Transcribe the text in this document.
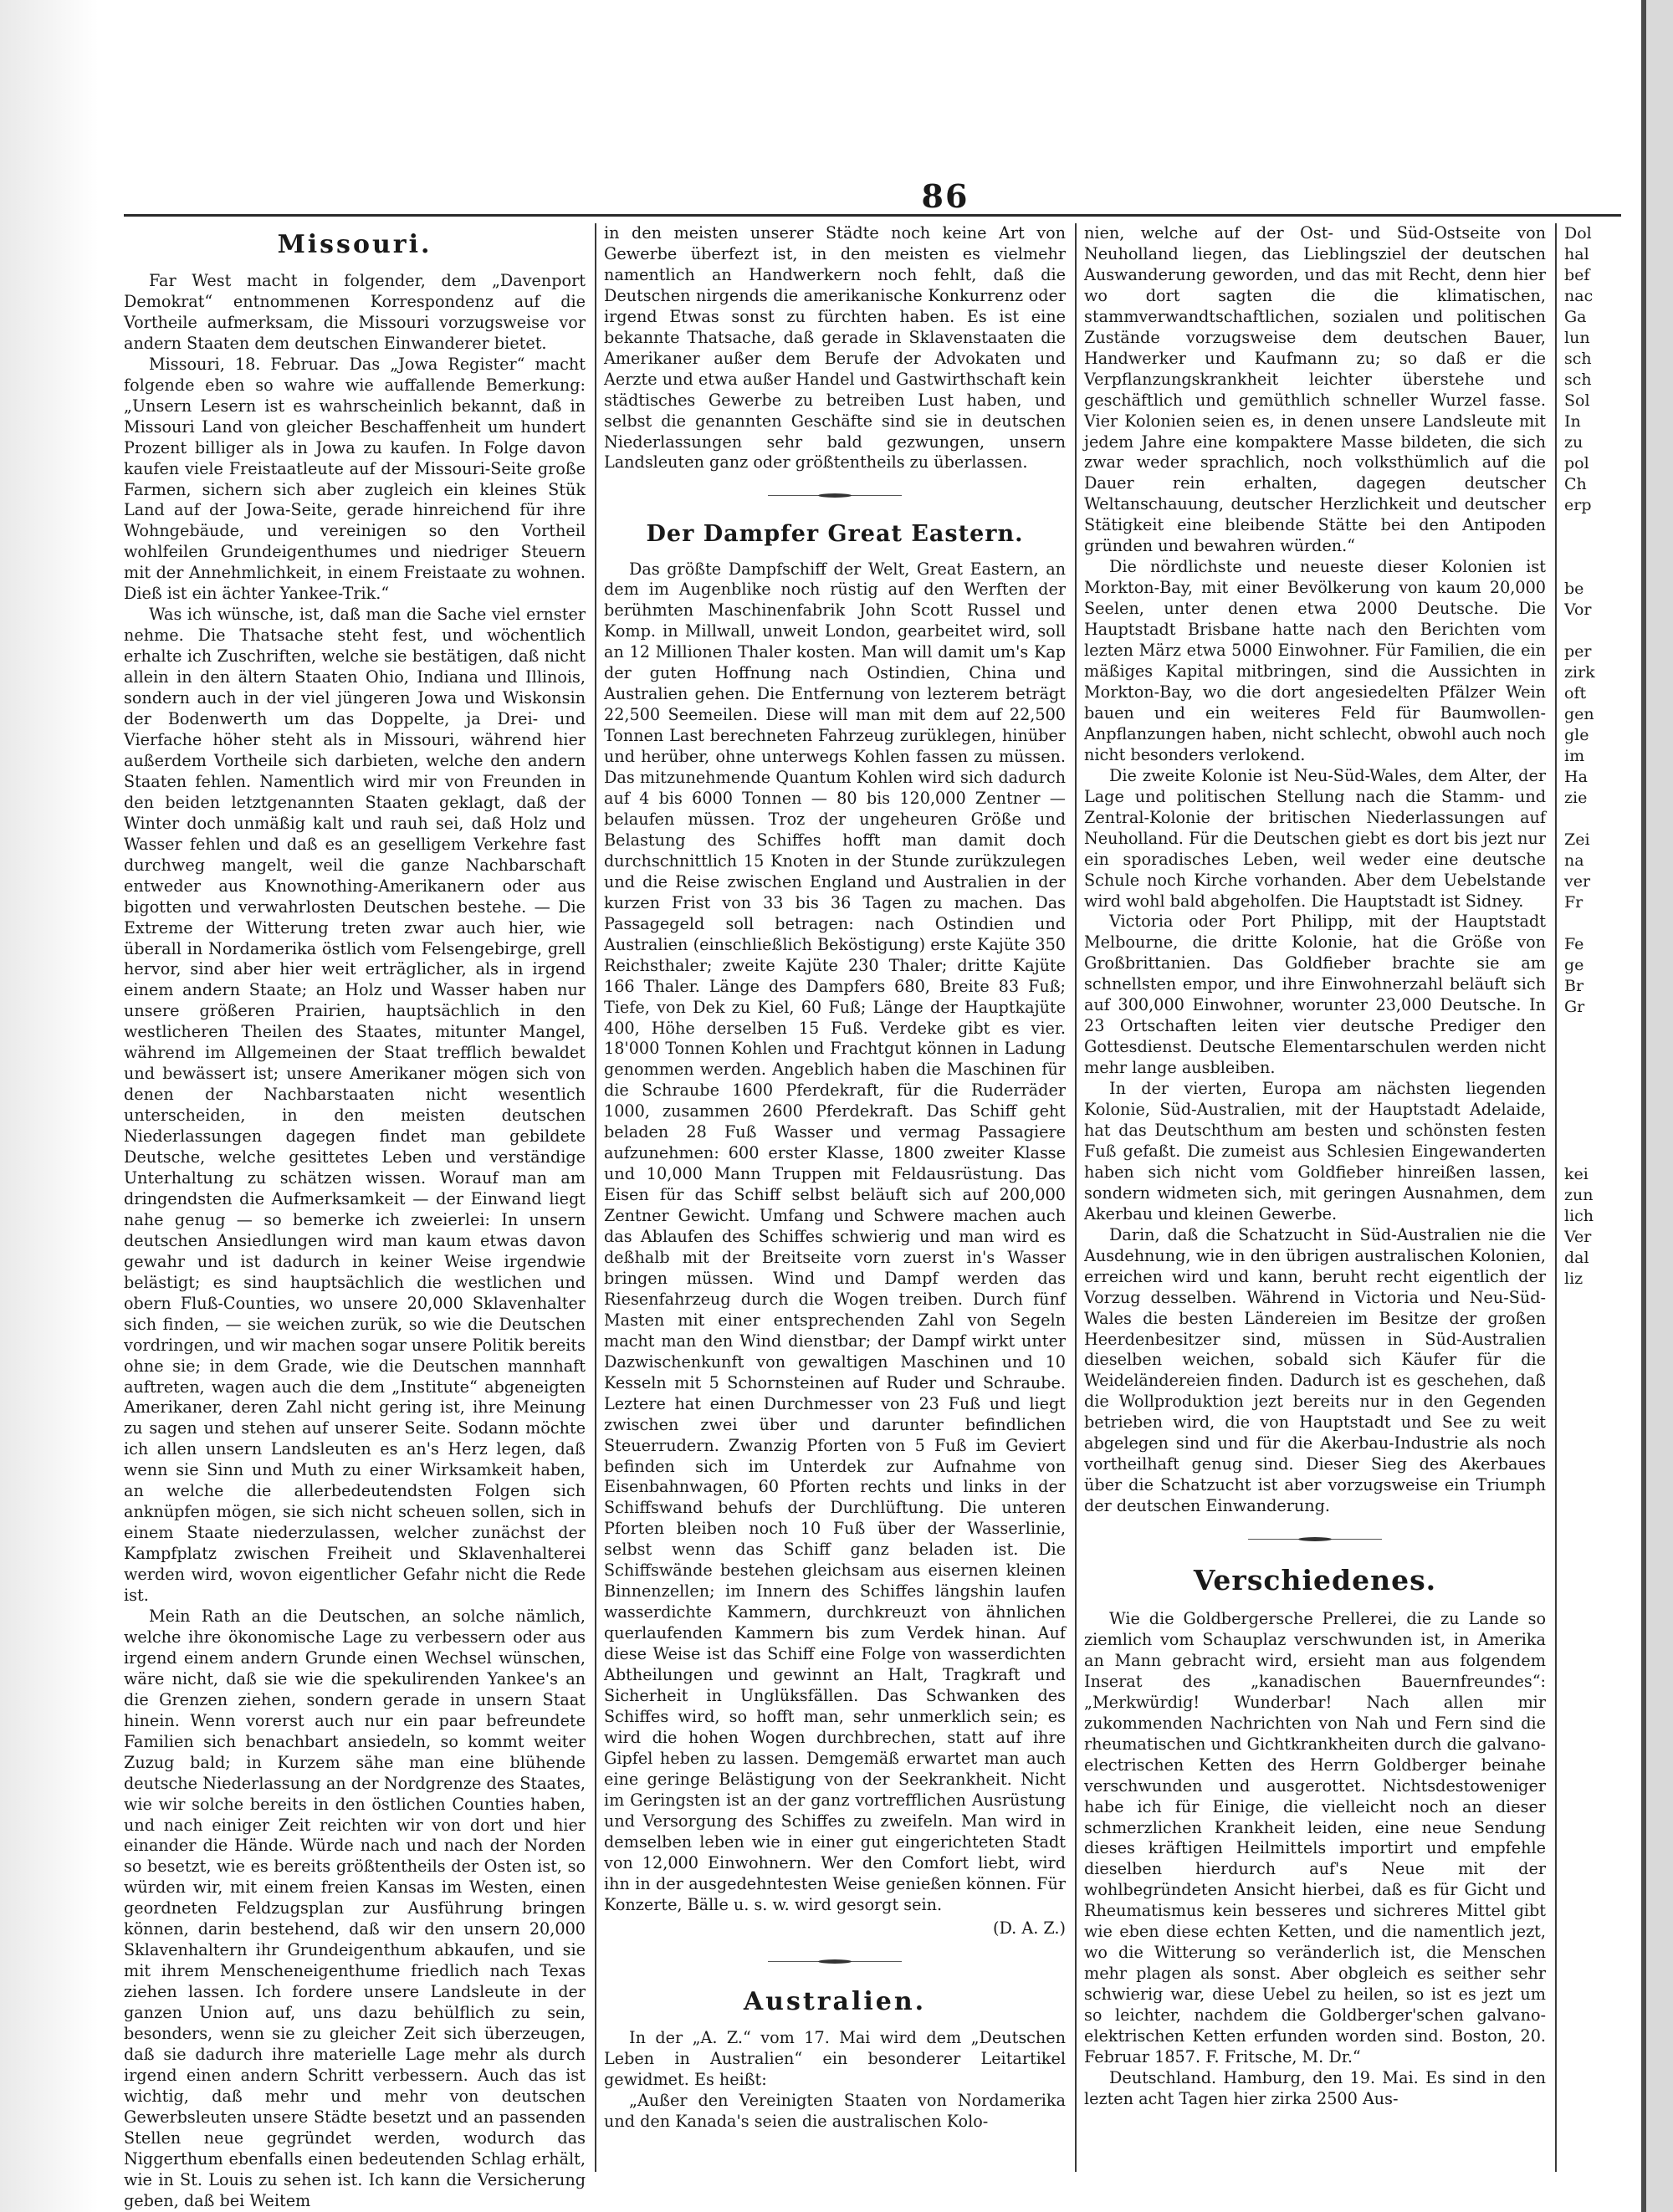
86
Missouri.

Far West macht in folgender, dem „Davenport Demokrat“ entnommenen Korrespondenz auf die Vortheile aufmerksam, die Missouri vorzugsweise vor andern Staaten dem deutschen Einwanderer bietet.

Missouri, 18. Februar. Das „Jowa Register“ macht folgende eben so wahre wie auffallende Bemerkung: „Unsern Lesern ist es wahrscheinlich bekannt, daß in Missouri Land von gleicher Beschaffenheit um hundert Prozent billiger als in Jowa zu kaufen. In Folge davon kaufen viele Freistaatleute auf der Missouri-Seite große Farmen, sichern sich aber zugleich ein kleines Stük Land auf der Jowa-Seite, gerade hinreichend für ihre Wohngebäude, und vereinigen so den Vortheil wohlfeilen Grundeigenthumes und niedriger Steuern mit der Annehmlichkeit, in einem Freistaate zu wohnen. Dieß ist ein ächter Yankee-Trik.“

Was ich wünsche, ist, daß man die Sache viel ernster nehme. Die Thatsache steht fest, und wöchentlich erhalte ich Zuschriften, welche sie bestätigen, daß nicht allein in den ältern Staaten Ohio, Indiana und Illinois, sondern auch in der viel jüngeren Jowa und Wiskonsin der Bodenwerth um das Doppelte, ja Drei- und Vierfache höher steht als in Missouri, während hier außerdem Vortheile sich darbieten, welche den andern Staaten fehlen. Namentlich wird mir von Freunden in den beiden letztgenannten Staaten geklagt, daß der Winter doch unmäßig kalt und rauh sei, daß Holz und Wasser fehlen und daß es an geselligem Verkehre fast durchweg mangelt, weil die ganze Nachbarschaft entweder aus Knownothing-Amerikanern oder aus bigotten und verwahrlosten Deutschen bestehe. — Die Extreme der Witterung treten zwar auch hier, wie überall in Nordamerika östlich vom Felsengebirge, grell hervor, sind aber hier weit erträglicher, als in irgend einem andern Staate; an Holz und Wasser haben nur unsere größeren Prairien, hauptsächlich in den westlicheren Theilen des Staates, mitunter Mangel, während im Allgemeinen der Staat trefflich bewaldet und bewässert ist; unsere Amerikaner mögen sich von denen der Nachbarstaaten nicht wesentlich unterscheiden, in den meisten deutschen Niederlassungen dagegen findet man gebildete Deutsche, welche gesittetes Leben und verständige Unterhaltung zu schätzen wissen. Worauf man am dringendsten die Aufmerksamkeit — der Einwand liegt nahe genug — so bemerke ich zweierlei: In unsern deutschen Ansiedlungen wird man kaum etwas davon gewahr und ist dadurch in keiner Weise irgendwie belästigt; es sind hauptsächlich die westlichen und obern Fluß-Counties, wo unsere 20,000 Sklavenhalter sich finden, — sie weichen zurük, so wie die Deutschen vordringen, und wir machen sogar unsere Politik bereits ohne sie; in dem Grade, wie die Deutschen mannhaft auftreten, wagen auch die dem „Institute“ abgeneigten Amerikaner, deren Zahl nicht gering ist, ihre Meinung zu sagen und stehen auf unserer Seite. Sodann möchte ich allen unsern Landsleuten es an's Herz legen, daß wenn sie Sinn und Muth zu einer Wirksamkeit haben, an welche die allerbedeutendsten Folgen sich anknüpfen mögen, sie sich nicht scheuen sollen, sich in einem Staate niederzulassen, welcher zunächst der Kampfplatz zwischen Freiheit und Sklavenhalterei werden wird, wovon eigentlicher Gefahr nicht die Rede ist.

Mein Rath an die Deutschen, an solche nämlich, welche ihre ökonomische Lage zu verbessern oder aus irgend einem andern Grunde einen Wechsel wünschen, wäre nicht, daß sie wie die spekulirenden Yankee's an die Grenzen ziehen, sondern gerade in unsern Staat hinein. Wenn vorerst auch nur ein paar befreundete Familien sich benachbart ansiedeln, so kommt weiter Zuzug bald; in Kurzem sähe man eine blühende deutsche Niederlassung an der Nordgrenze des Staates, wie wir solche bereits in den östlichen Counties haben, und nach einiger Zeit reichten wir von dort und hier einander die Hände. Würde nach und nach der Norden so besetzt, wie es bereits größtentheils der Osten ist, so würden wir, mit einem freien Kansas im Westen, einen geordneten Feldzugsplan zur Ausführung bringen können, darin bestehend, daß wir den unsern 20,000 Sklavenhaltern ihr Grundeigenthum abkaufen, und sie mit ihrem Menscheneigenthume friedlich nach Texas ziehen lassen. Ich fordere unsere Landsleute in der ganzen Union auf, uns dazu behülflich zu sein, besonders, wenn sie zu gleicher Zeit sich überzeugen, daß sie dadurch ihre materielle Lage mehr als durch irgend einen andern Schritt verbessern. Auch das ist wichtig, daß mehr und mehr von deutschen Gewerbsleuten unsere Städte besetzt und an passenden Stellen neue gegründet werden, wodurch das Niggerthum ebenfalls einen bedeutenden Schlag erhält, wie in St. Louis zu sehen ist. Ich kann die Versicherung geben, daß bei Weitem

in den meisten unserer Städte noch keine Art von Gewerbe überfezt ist, in den meisten es vielmehr namentlich an Handwerkern noch fehlt, daß die Deutschen nirgends die amerikanische Konkurrenz oder irgend Etwas sonst zu fürchten haben. Es ist eine bekannte Thatsache, daß gerade in Sklavenstaaten die Amerikaner außer dem Berufe der Advokaten und Aerzte und etwa außer Handel und Gastwirthschaft kein städtisches Gewerbe zu betreiben Lust haben, und selbst die genannten Geschäfte sind sie in deutschen Niederlassungen sehr bald gezwungen, unsern Landsleuten ganz oder größtentheils zu überlassen.

Der Dampfer Great Eastern.

Das größte Dampfschiff der Welt, Great Eastern, an dem im Augenblike noch rüstig auf den Werften der berühmten Maschinenfabrik John Scott Russel und Komp. in Millwall, unweit London, gearbeitet wird, soll an 12 Millionen Thaler kosten. Man will damit um's Kap der guten Hoffnung nach Ostindien, China und Australien gehen. Die Entfernung von lezterem beträgt 22,500 Seemeilen. Diese will man mit dem auf 22,500 Tonnen Last berechneten Fahrzeug zurüklegen, hinüber und herüber, ohne unterwegs Kohlen fassen zu müssen. Das mitzunehmende Quantum Kohlen wird sich dadurch auf 4 bis 6000 Tonnen — 80 bis 120,000 Zentner — belaufen müssen. Troz der ungeheuren Größe und Belastung des Schiffes hofft man damit doch durchschnittlich 15 Knoten in der Stunde zurükzulegen und die Reise zwischen England und Australien in der kurzen Frist von 33 bis 36 Tagen zu machen. Das Passagegeld soll betragen: nach Ostindien und Australien (einschließlich Beköstigung) erste Kajüte 350 Reichsthaler; zweite Kajüte 230 Thaler; dritte Kajüte 166 Thaler. Länge des Dampfers 680, Breite 83 Fuß; Tiefe, von Dek zu Kiel, 60 Fuß; Länge der Hauptkajüte 400, Höhe derselben 15 Fuß. Verdeke gibt es vier. 18'000 Tonnen Kohlen und Frachtgut können in Ladung genommen werden. Angeblich haben die Maschinen für die Schraube 1600 Pferdekraft, für die Ruderräder 1000, zusammen 2600 Pferdekraft. Das Schiff geht beladen 28 Fuß Wasser und vermag Passagiere aufzunehmen: 600 erster Klasse, 1800 zweiter Klasse und 10,000 Mann Truppen mit Feldausrüstung. Das Eisen für das Schiff selbst beläuft sich auf 200,000 Zentner Gewicht. Umfang und Schwere machen auch das Ablaufen des Schiffes schwierig und man wird es deßhalb mit der Breitseite vorn zuerst in's Wasser bringen müssen. Wind und Dampf werden das Riesenfahrzeug durch die Wogen treiben. Durch fünf Masten mit einer entsprechenden Zahl von Segeln macht man den Wind dienstbar; der Dampf wirkt unter Dazwischenkunft von gewaltigen Maschinen und 10 Kesseln mit 5 Schornsteinen auf Ruder und Schraube. Leztere hat einen Durchmesser von 23 Fuß und liegt zwischen zwei über und darunter befindlichen Steuerrudern. Zwanzig Pforten von 5 Fuß im Geviert befinden sich im Unterdek zur Aufnahme von Eisenbahnwagen, 60 Pforten rechts und links in der Schiffswand behufs der Durchlüftung. Die unteren Pforten bleiben noch 10 Fuß über der Wasserlinie, selbst wenn das Schiff ganz beladen ist. Die Schiffswände bestehen gleichsam aus eisernen kleinen Binnenzellen; im Innern des Schiffes längshin laufen wasserdichte Kammern, durchkreuzt von ähnlichen querlaufenden Kammern bis zum Verdek hinan. Auf diese Weise ist das Schiff eine Folge von wasserdichten Abtheilungen und gewinnt an Halt, Tragkraft und Sicherheit in Unglüksfällen. Das Schwanken des Schiffes wird, so hofft man, sehr unmerklich sein; es wird die hohen Wogen durchbrechen, statt auf ihre Gipfel heben zu lassen. Demgemäß erwartet man auch eine geringe Belästigung von der Seekrankheit. Nicht im Geringsten ist an der ganz vortrefflichen Ausrüstung und Versorgung des Schiffes zu zweifeln. Man wird in demselben leben wie in einer gut eingerichteten Stadt von 12,000 Einwohnern. Wer den Comfort liebt, wird ihn in der ausgedehntesten Weise genießen können. Für Konzerte, Bälle u. s. w. wird gesorgt sein.

(D. A. Z.)

Australien.

In der „A. Z.“ vom 17. Mai wird dem „Deutschen Leben in Australien“ ein besonderer Leitartikel gewidmet. Es heißt:

„Außer den Vereinigten Staaten von Nordamerika und den Kanada's seien die australischen Kolo-

nien, welche auf der Ost- und Süd-Ostseite von Neuholland liegen, das Lieblingsziel der deutschen Auswanderung geworden, und das mit Recht, denn hier wo dort sagten die die klimatischen, stammverwandtschaftlichen, sozialen und politischen Zustände vorzugsweise dem deutschen Bauer, Handwerker und Kaufmann zu; so daß er die Verpflanzungskrankheit leichter überstehe und geschäftlich und gemüthlich schneller Wurzel fasse. Vier Kolonien seien es, in denen unsere Landsleute mit jedem Jahre eine kompaktere Masse bildeten, die sich zwar weder sprachlich, noch volksthümlich auf die Dauer rein erhalten, dagegen deutscher Weltanschauung, deutscher Herzlichkeit und deutscher Stätigkeit eine bleibende Stätte bei den Antipoden gründen und bewahren würden.“

Die nördlichste und neueste dieser Kolonien ist Morkton-Bay, mit einer Bevölkerung von kaum 20,000 Seelen, unter denen etwa 2000 Deutsche. Die Hauptstadt Brisbane hatte nach den Berichten vom lezten März etwa 5000 Einwohner. Für Familien, die ein mäßiges Kapital mitbringen, sind die Aussichten in Morkton-Bay, wo die dort angesiedelten Pfälzer Wein bauen und ein weiteres Feld für Baumwollen-Anpflanzungen haben, nicht schlecht, obwohl auch noch nicht besonders verlokend.

Die zweite Kolonie ist Neu-Süd-Wales, dem Alter, der Lage und politischen Stellung nach die Stamm- und Zentral-Kolonie der britischen Niederlassungen auf Neuholland. Für die Deutschen giebt es dort bis jezt nur ein sporadisches Leben, weil weder eine deutsche Schule noch Kirche vorhanden. Aber dem Uebelstande wird wohl bald abgeholfen. Die Hauptstadt ist Sidney.

Victoria oder Port Philipp, mit der Hauptstadt Melbourne, die dritte Kolonie, hat die Größe von Großbrittanien. Das Goldfieber brachte sie am schnellsten empor, und ihre Einwohnerzahl beläuft sich auf 300,000 Einwohner, worunter 23,000 Deutsche. In 23 Ortschaften leiten vier deutsche Prediger den Gottesdienst. Deutsche Elementarschulen werden nicht mehr lange ausbleiben.

In der vierten, Europa am nächsten liegenden Kolonie, Süd-Australien, mit der Hauptstadt Adelaide, hat das Deutschthum am besten und schönsten festen Fuß gefaßt. Die zumeist aus Schlesien Eingewanderten haben sich nicht vom Goldfieber hinreißen lassen, sondern widmeten sich, mit geringen Ausnahmen, dem Akerbau und kleinen Gewerbe.

Darin, daß die Schatzucht in Süd-Australien nie die Ausdehnung, wie in den übrigen australischen Kolonien, erreichen wird und kann, beruht recht eigentlich der Vorzug desselben. Während in Victoria und Neu-Süd-Wales die besten Ländereien im Besitze der großen Heerdenbesitzer sind, müssen in Süd-Australien dieselben weichen, sobald sich Käufer für die Weideländereien finden. Dadurch ist es geschehen, daß die Wollproduktion jezt bereits nur in den Gegenden betrieben wird, die von Hauptstadt und See zu weit abgelegen sind und für die Akerbau-Industrie als noch vortheilhaft genug sind. Dieser Sieg des Akerbaues über die Schatzucht ist aber vorzugsweise ein Triumph der deutschen Einwanderung.

Verschiedenes.

Wie die Goldbergersche Prellerei, die zu Lande so ziemlich vom Schauplaz verschwunden ist, in Amerika an Mann gebracht wird, ersieht man aus folgendem Inserat des „kanadischen Bauernfreundes“: „Merkwürdig! Wunderbar! Nach allen mir zukommenden Nachrichten von Nah und Fern sind die rheumatischen und Gichtkrankheiten durch die galvano-electrischen Ketten des Herrn Goldberger beinahe verschwunden und ausgerottet. Nichtsdestoweniger habe ich für Einige, die vielleicht noch an dieser schmerzlichen Krankheit leiden, eine neue Sendung dieses kräftigen Heilmittels importirt und empfehle dieselben hierdurch auf's Neue mit der wohlbegründeten Ansicht hierbei, daß es für Gicht und Rheumatismus kein besseres und sichreres Mittel gibt wie eben diese echten Ketten, und die namentlich jezt, wo die Witterung so veränderlich ist, die Menschen mehr plagen als sonst. Aber obgleich es seither sehr schwierig war, diese Uebel zu heilen, so ist es jezt um so leichter, nachdem die Goldberger'schen galvano-elektrischen Ketten erfunden worden sind. Boston, 20. Februar 1857. F. Fritsche, M. Dr.“

Deutschland. Hamburg, den 19. Mai. Es sind in den lezten acht Tagen hier zirka 2500 Aus-

Dol
hal
bef
nac
Ga
lun
sch
sch
Sol
In
zu
pol
Ch
erp
be
Vor
per
zirk
oft
gen
gle
im
Ha
zie
Zei
na
ver
Fr
Fe
ge
Br
Gr
kei
zun
lich
Ver
dal
liz
